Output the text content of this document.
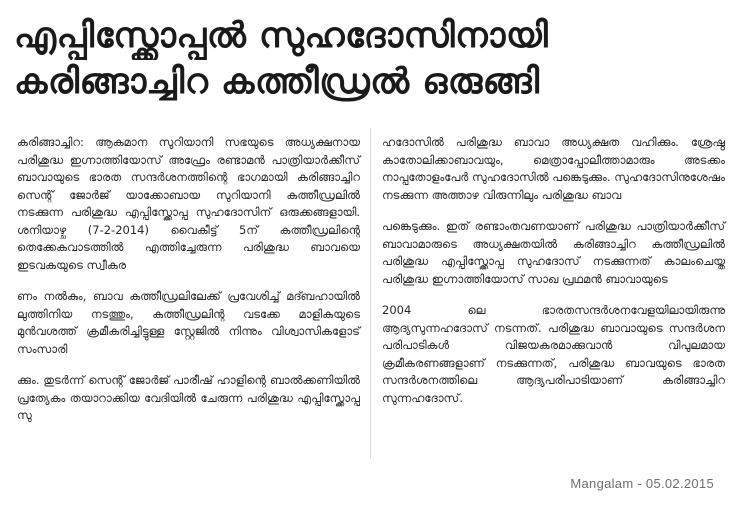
എപ്പിസ്ക്കോപ്പൽ സുഹദോസിനായി
കരിങ്ങാച്ചിറ കത്തീഡ്രൽ ഒരുങ്ങി

കരിങ്ങാച്ചിറ: ആകമാന സുറിയാനി സഭയുടെ അധ്യക്ഷനായ പരിശുദ്ധ ഇഗ്നാത്തിയോസ് അഫ്രേം രണ്ടാമൻ പാത്രിയാർക്കീസ് ബാവായുടെ ഭാരത സന്ദർശനത്തിന്റെ ഭാഗമായി കരിങ്ങാച്ചിറ സെന്റ് ജോർജ് യാക്കോബായ സുറിയാനി കത്തീഡ്രലിൽ നടക്കുന്ന പരിശുദ്ധ എപ്പിസ്ക്കോപ്പ സുഹദോസിന് ഒരുക്കങ്ങളായി. ശനിയാഴ്ച (7-2-2014) വൈകീട്ട് 5ന് കത്തീഡ്രലിന്റെ തെക്കേകവാടത്തിൽ എത്തിച്ചേരുന്ന പരിശുദ്ധ ബാവയെ ഇടവകയുടെ സ്വീകര

ണം നൽകും, ബാവ കത്തീഡ്രലിലേക്ക് പ്രവേശിച്ച് മദ്ബഹായിൽ ലുത്തിനിയ നടത്തും, കത്തീഡ്രലിന്റ വടക്കേ മാളികയുടെ മുൻവശത്ത് ക്രമീകരിച്ചിട്ടുള്ള സ്റ്റേജിൽ നിന്നും വിശ്വാസികളോട് സംസാരി

ക്കും. തുടർന്ന് സെന്റ് ജോർജ് പാരീഷ് ഹാളിന്റെ ബാൽക്കണിയിൽ പ്രത്യേകം തയാറാക്കിയ വേദിയിൽ ചേരുന്ന പരിശുദ്ധ എപ്പിസ്ക്കോപ്പ സു

ഹദോസിൽ പരിശുദ്ധ ബാവാ അധ്യക്ഷത വഹിക്കും. ശ്രേഷ്ഠ കാതോലിക്കാബാവയും, മെത്രാപ്പോലീത്താമാരും അടക്കം നാപ്പതോളംപേർ സുഹദോസിൽ പങ്കെടുക്കും. സുഹദോസിനുശേഷം നടക്കുന്ന അത്താഴ വിരുന്നിലും പരിശുദ്ധ ബാവ

പങ്കെടുക്കും. ഇത് രണ്ടാംതവണയാണ് പരിശുദ്ധ പാത്രിയാർക്കീസ് ബാവാമാരുടെ അധ്യക്ഷതയിൽ കരിങ്ങാച്ചിറ കത്തീഡ്രലിൽ പരിശുദ്ധ എപ്പിസ്ക്കോപ്പ സുഹദോസ് നടക്കുന്നത് കാലംചെയ്ത പരിശുദ്ധ ഇഗ്നാത്തിയോസ് സാഖ പ്രഥമൻ ബാവായുടെ

2004 ലെ ഭാരതസന്ദർശനവേളയിലായിരുന്നു ആദ്യസുന്നഹദോസ് നടന്നത്. പരിശുദ്ധ ബാവായുടെ സന്ദർശന പരിപാടികൾ വിജയകരമാക്കുവാൻ വിപുലമായ ക്രമീകരണങ്ങളാണ് നടക്കുന്നത്, പരിശുദ്ധ ബാവയുടെ ഭാരത സന്ദർശനത്തിലെ ആദ്യപരിപാടിയാണ് കരിങ്ങാച്ചിറ സുന്നഹദോസ്.

Mangalam - 05.02.2015
